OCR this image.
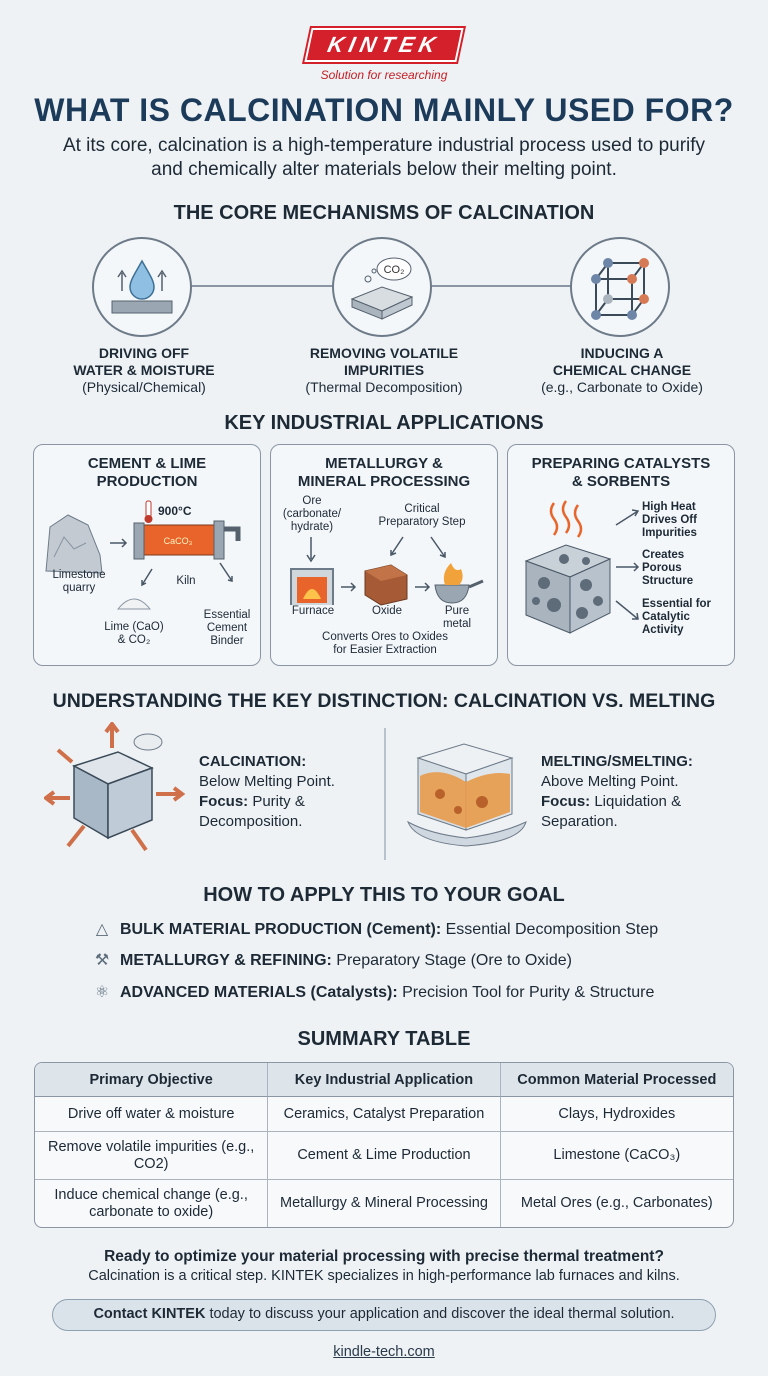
KINTEK
Solution for researching
WHAT IS CALCINATION MAINLY USED FOR?

At its core, calcination is a high-temperature industrial process used to purify and chemically alter materials below their melting point.

THE CORE MECHANISMS OF CALCINATION
CO₂
DRIVING OFF
WATER & MOISTURE
(Physical/Chemical)
REMOVING VOLATILE
IMPURITIES
(Thermal Decomposition)
INDUCING A
CHEMICAL CHANGE
(e.g., Carbonate to Oxide)
KEY INDUSTRIAL APPLICATIONS
CEMENT & LIME
PRODUCTION
CaCO₃
900°C
Limestone
quarry
Kiln
Lime (CaO)
& CO₂
Essential
Cement
Binder
METALLURGY &
MINERAL PROCESSING
Ore
(carbonate/
hydrate)
Critical
Preparatory Step
Furnace	Oxide	Pure
metal
Converts Ores to Oxides
for Easier Extraction
PREPARING CATALYSTS
& SORBENTS
High Heat
Drives Off
Impurities
Creates
Porous
Structure
Essential for
Catalytic
Activity
UNDERSTANDING THE KEY DISTINCTION: CALCINATION VS. MELTING
CALCINATION:
Below Melting Point.
Focus: Purity &
Decomposition.
MELTING/SMELTING:
Above Melting Point.
Focus: Liquidation &
Separation.
HOW TO APPLY THIS TO YOUR GOAL
△ BULK MATERIAL PRODUCTION (Cement): Essential Decomposition Step
⚒ METALLURGY & REFINING: Preparatory Stage (Ore to Oxide)
⚛ ADVANCED MATERIALS (Catalysts): Precision Tool for Purity & Structure
SUMMARY TABLE
Primary Objective	Key Industrial Application	Common Material Processed
Drive off water & moisture	Ceramics, Catalyst Preparation	Clays, Hydroxides
Remove volatile impurities (e.g., CO2)	Cement & Lime Production	Limestone (CaCO₃)
Induce chemical change (e.g., carbonate to oxide)	Metallurgy & Mineral Processing	Metal Ores (e.g., Carbonates)
Ready to optimize your material processing with precise thermal treatment?
Calcination is a critical step. KINTEK specializes in high-performance lab furnaces and kilns.
Contact KINTEK today to discuss your application and discover the ideal thermal solution.
kindle-tech.com
